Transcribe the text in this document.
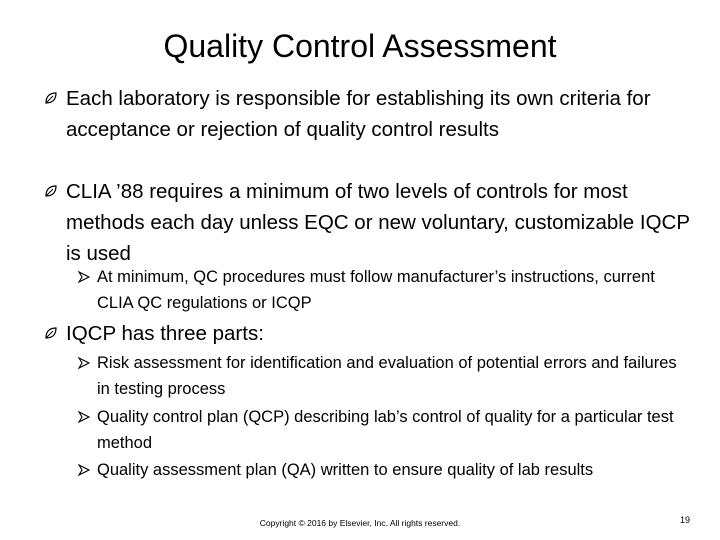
Quality Control Assessment
Each laboratory is responsible for establishing its own criteria for acceptance or rejection of quality control results
CLIA ’88 requires a minimum of two levels of controls for most methods each day unless EQC or new voluntary, customizable IQCP is used
At minimum, QC procedures must follow manufacturer’s instructions, current CLIA QC regulations or ICQP
IQCP has three parts:
Risk assessment for identification and evaluation of potential errors and failures in testing process
Quality control plan (QCP) describing lab’s control of quality for a particular test method
Quality assessment plan (QA) written to ensure quality of lab results
Copyright © 2016 by Elsevier, Inc. All rights reserved.	19
